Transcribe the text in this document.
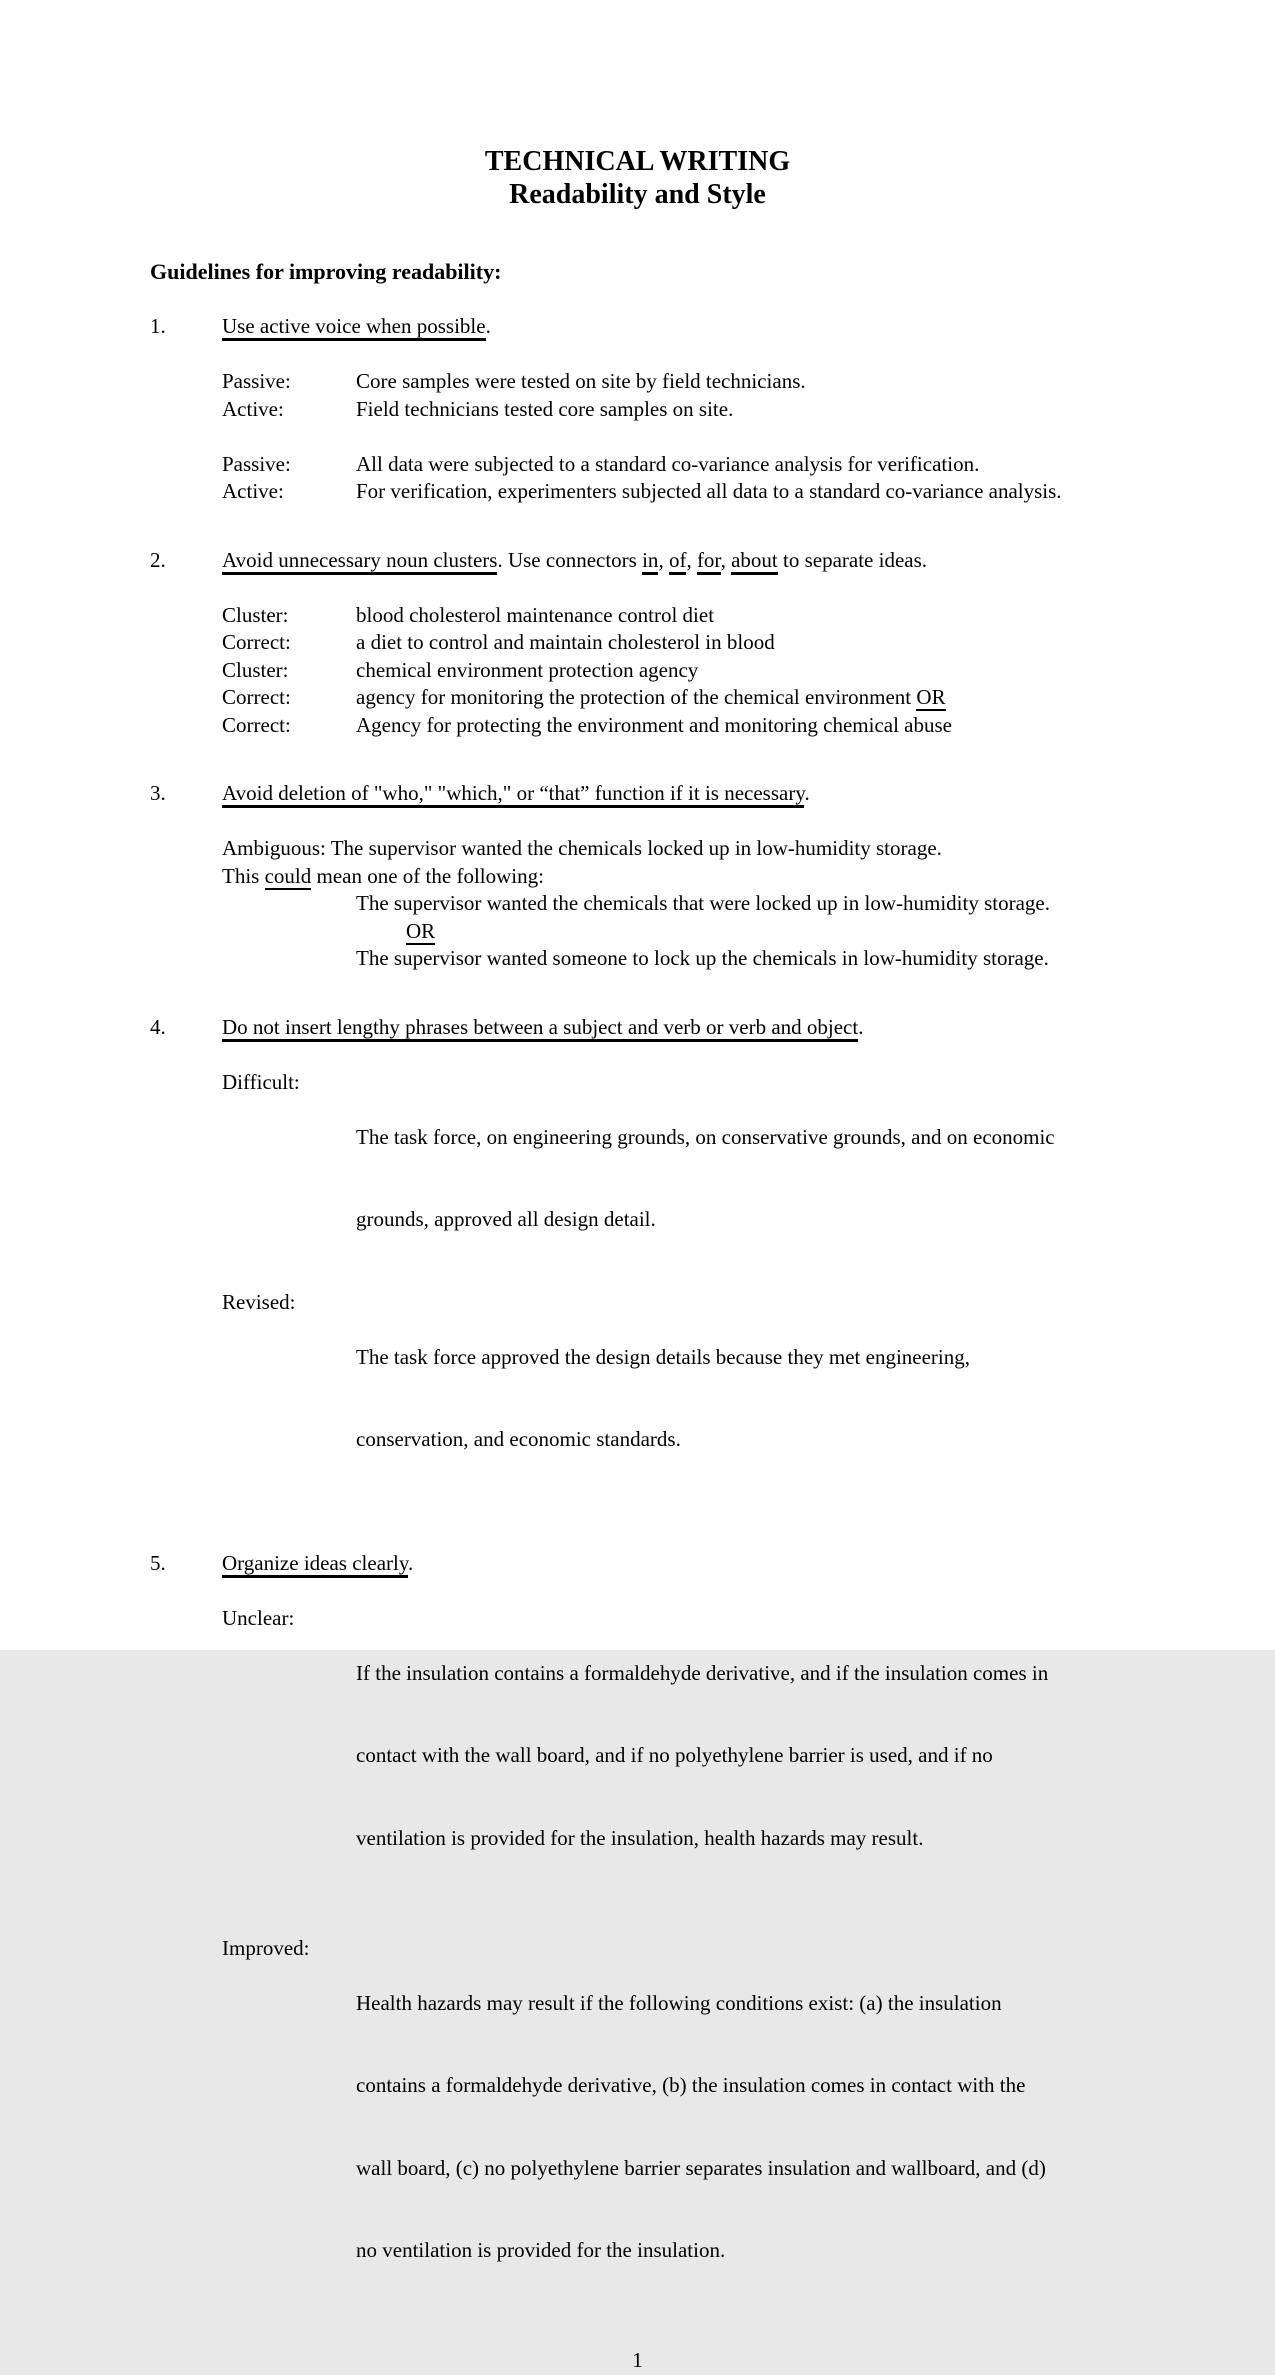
TECHNICAL WRITING
Readability and Style
Guidelines for improving readability:
1.	Use active voice when possible.
Passive:	Core samples were tested on site by field technicians.
Active:	Field technicians tested core samples on site.
Passive:	All data were subjected to a standard co-variance analysis for verification.
Active:	For verification, experimenters subjected all data to a standard co-variance analysis.
2.	Avoid unnecessary noun clusters. Use connectors in, of, for, about to separate ideas.
Cluster:	blood cholesterol maintenance control diet
Correct:	a diet to control and maintain cholesterol in blood
Cluster:	chemical environment protection agency
Correct:	agency for monitoring the protection of the chemical environment OR
Correct:	Agency for protecting the environment and monitoring chemical abuse
3.	Avoid deletion of "who," "which," or “that” function if it is necessary.
Ambiguous: The supervisor wanted the chemicals locked up in low-humidity storage.
This could mean one of the following:
The supervisor wanted the chemicals that were locked up in low-humidity storage.
OR
The supervisor wanted someone to lock up the chemicals in low-humidity storage.
4.	Do not insert lengthy phrases between a subject and verb or verb and object.
Difficult:

The task force, on engineering grounds, on conservative grounds, and on economic

grounds, approved all design detail.

Revised:

The task force approved the design details because they met engineering,

conservation, and economic standards.

5.	Organize ideas clearly.
Unclear:

If the insulation contains a formaldehyde derivative, and if the insulation comes in

contact with the wall board, and if no polyethylene barrier is used, and if no

ventilation is provided for the insulation, health hazards may result.

Improved:

Health hazards may result if the following conditions exist: (a) the insulation

contains a formaldehyde derivative, (b) the insulation comes in contact with the

wall board, (c) no polyethylene barrier separates insulation and wallboard, and (d)

no ventilation is provided for the insulation.

1
